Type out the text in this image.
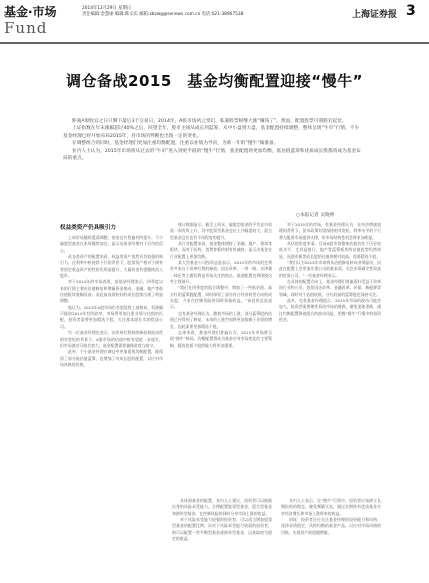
基金·市场
Fund
2014年12月29日 星期日
责任编辑:金慧丽 编辑:陈宗庆 邮箱:xbzwg@senews.com.cn 电话:021-38967538	上海证券报 3
调仓备战2015　基金均衡配置迎接“慢牛”

距离A股收官之日只剩下最后3个交易日，2014年，A股市场风云变幻，私募股票相继大涨“赚钱了”，然而，配置股票可谓跌宕起伏。

上证指数在年末涨幅超过40%之后，回望全年，股市主线从成长到蓝筹，从中小盘到大盘，基金配置持续调整，整体呈现“牛市”行情，不少基金经理已经开始布局2015年，对市场的判断也出现一定的变化。

在调整组合的同时，基金经理们更加注重均衡配置，注重以业绩为导向，为新一年的“慢牛”做准备。

业内人士认为，2015年市场将从过去的“牛市”进入到更平稳的“慢牛”行情，基金配置将更加均衡，低估值蓝筹和优质成长股都将成为基金布局的重点。

○本报记者 吴晓婷
权益类资产仍具吸引力

上周市场继续震荡调整，基金仓位普遍有所提升。不少偏股型基金在本周继续加仓，显示出基金经理对于后市的信心。

从各类资产的配置来看，权益类资产依然具有较强的吸引力。在利率中枢持续下行的背景下，股票资产相对于债券等固定收益资产的性价比明显提升，大量资金有望继续流入股市。

对于2014年的市场表现，某基金经理表示，四季度以来的行情主要由估值修复和增量资金推动，金融、地产等低估值板块涨幅居前，而此前表现较好的成长股则出现了明显调整。

他认为，2015年A股市场仍有望延续上涨格局，但涨幅可能较2014年有所收窄，市场将更加注重业绩与估值的匹配，投资者需要更加精选个股，关注基本面扎实的优质公司。

另一位基金经理也表示，在改革红利持续释放和流动性相对宽松的背景下，A股市场的估值中枢有望进一步提升，但市场波动可能会加大，基金配置需要兼顾进攻与防守。

此外，不少基金经理在调仓中更加重视均衡配置，既保留了部分低估值蓝筹，也增加了对成长股的配置，以应对市场风格的切换。

统计数据显示，截至上周末，偏股型基金的平均仓位较前一周有所上升，其中股票型基金仓位上升幅度较大，混合型基金仓位也有不同程度的提升。

从行业配置来看，基金整体增持了金融、地产、建筑等板块，而对于医药、消费等板块则有所减持，显示出基金在行业配置上更加均衡。

某大型基金公司投资总监表示，2015年的市场机会将更多来自于改革红利的释放，国企改革、一带一路、京津冀一体化等主题仍将是市场关注的热点，基金配置也将围绕这些主线展开。

“我们在四季度的组合调整中，增加了一些低估值、高分红的蓝筹股配置，同时保留了部分符合经济转型方向的成长股，力求在控制风险的同时获取收益。”该投资总监表示。

也有基金经理认为，随着市场的上涨，部分蓝筹股的估值已经得到了修复，未来的上涨空间将更加依赖于业绩的增长，因此需要更加精选个股。

总体来看，基金经理们普遍认为，2015年市场将呈现“慢牛”格局，均衡配置将成为基金应对市场变化的主要策略，精选优质个股的能力将更加重要。

对于2015年的市场，有基金经理认为，在经济增速放缓的背景下，货币政策有望保持相对宽松，利率水平的下行将为股票市场提供支撑，但市场结构性机会将更加明显。

从估值角度来看，目前A股市场整体估值仍处于历史较低水平，尤其是银行、地产等蓝筹板块的估值优势仍然明显，而创业板等成长股的估值则相对较高，需要精选个股。

“我们认为2015年市场将从估值修复转向业绩驱动，因此在配置上会更加注重公司的基本面，关注业绩确定性较高的优质公司。”一位基金经理表示。

在具体的配置方向上，基金经理们普遍看好受益于改革的行业和公司，包括国企改革、金融改革、环保、新能源等领域，同时对于估值较低、分红较高的蓝筹股也保持关注。

此外，也有基金经理提示，2015年市场的波动可能会加大，投资者需要理性看待市场的涨跌，避免追涨杀跌，通过均衡配置降低组合的波动风险，把握“慢牛”行情中的投资机会。

具体到基金的配置，业内人士建议，投资者可以根据自身的风险承受能力，合理配置股票型基金、混合型基金和债券型基金，在控制风险的同时分享市场上涨的收益。

对于风险承受能力较强的投资者，可以适当增加股票型基金的配置比例；而对于风险承受能力较弱的投资者，则可以配置一些平衡型基金或债券型基金，以获取较为稳定的收益。

业内人士表示，在“慢牛”行情中，投资者应该树立长期投资的理念，避免频繁买卖，通过长期持有优质基金分享经济增长和市场上涨带来的收益。

同时，投资者还应关注基金经理的投资能力和风格，选择业绩稳定、风格均衡的基金产品，以应对市场风格的切换，实现资产的稳健增值。
